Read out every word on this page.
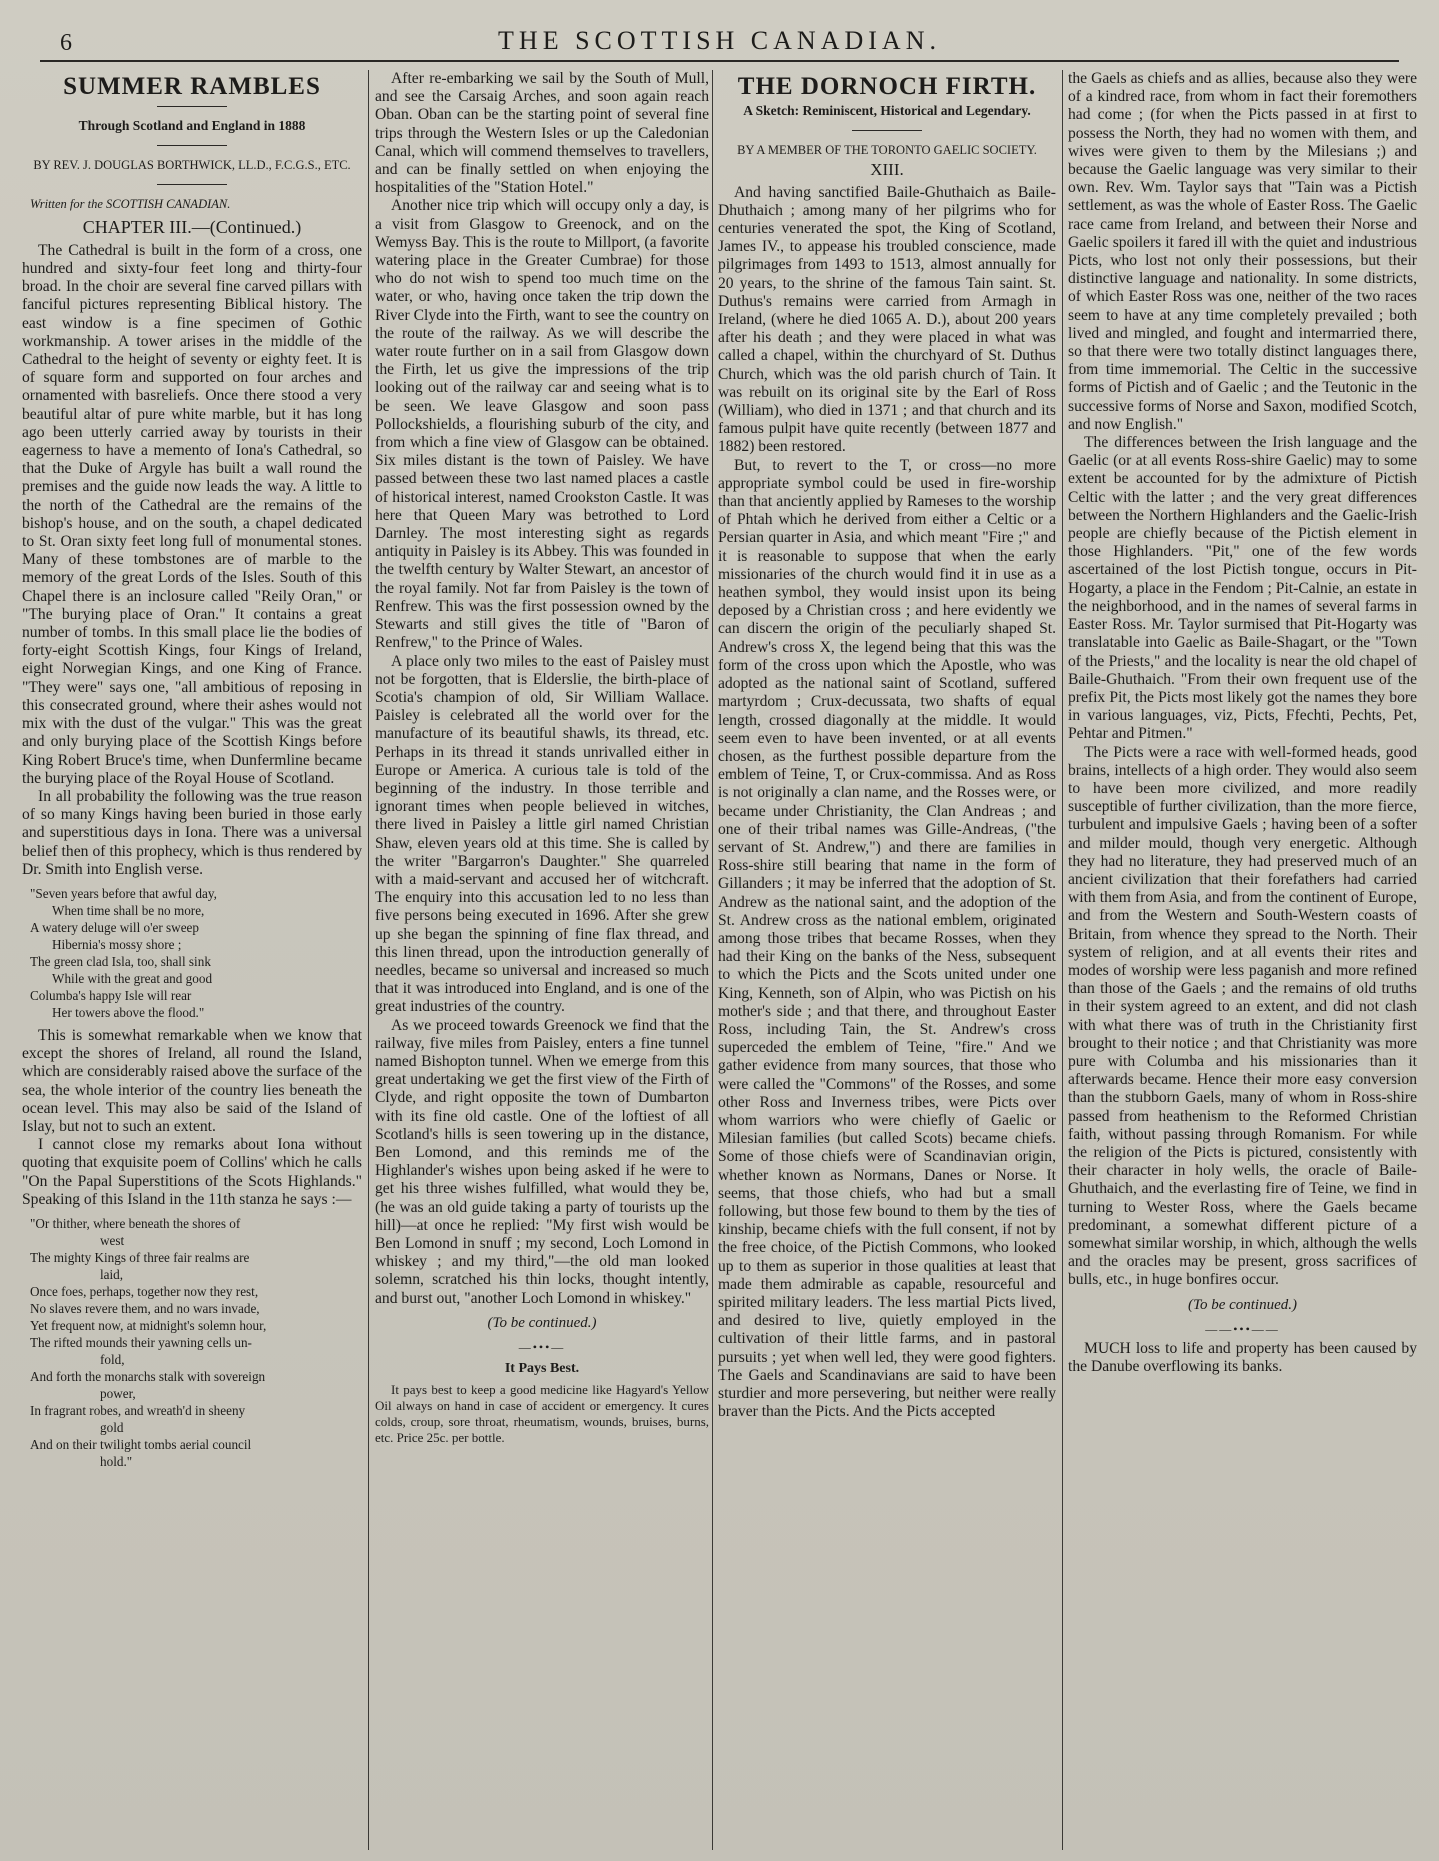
6	THE SCOTTISH CANADIAN.
SUMMER RAMBLES
Through Scotland and England in 1888
BY REV. J. DOUGLAS BORTHWICK, LL.D., F.C.G.S., ETC.
Written for the SCOTTISH CANADIAN.
CHAPTER III.—(Continued.)

The Cathedral is built in the form of a cross, one hundred and sixty-four feet long and thirty-four broad. In the choir are several fine carved pillars with fanciful pictures representing Biblical history. The east window is a fine specimen of Gothic workmanship. A tower arises in the middle of the Cathedral to the height of seventy or eighty feet. It is of square form and supported on four arches and ornamented with basreliefs. Once there stood a very beautiful altar of pure white marble, but it has long ago been utterly carried away by tourists in their eagerness to have a memento of Iona's Cathedral, so that the Duke of Argyle has built a wall round the premises and the guide now leads the way. A little to the north of the Cathedral are the remains of the bishop's house, and on the south, a chapel dedicated to St. Oran sixty feet long full of monumental stones. Many of these tombstones are of marble to the memory of the great Lords of the Isles. South of this Chapel there is an inclosure called "Reily Oran," or "The burying place of Oran." It contains a great number of tombs. In this small place lie the bodies of forty-eight Scottish Kings, four Kings of Ireland, eight Norwegian Kings, and one King of France. "They were" says one, "all ambitious of reposing in this consecrated ground, where their ashes would not mix with the dust of the vulgar." This was the great and only burying place of the Scottish Kings before King Robert Bruce's time, when Dunfermline became the burying place of the Royal House of Scotland.

In all probability the following was the true reason of so many Kings having been buried in those early and superstitious days in Iona. There was a universal belief then of this prophecy, which is thus rendered by Dr. Smith into English verse.

"Seven years before that awful day,
When time shall be no more,
A watery deluge will o'er sweep
Hibernia's mossy shore ;
The green clad Isla, too, shall sink
While with the great and good
Columba's happy Isle will rear
Her towers above the flood."

This is somewhat remarkable when we know that except the shores of Ireland, all round the Island, which are considerably raised above the surface of the sea, the whole interior of the country lies beneath the ocean level. This may also be said of the Island of Islay, but not to such an extent.

I cannot close my remarks about Iona without quoting that exquisite poem of Collins' which he calls "On the Papal Superstitions of the Scots Highlands." Speaking of this Island in the 11th stanza he says :—

"Or thither, where beneath the shores of
west
The mighty Kings of three fair realms are
laid,
Once foes, perhaps, together now they rest,
No slaves revere them, and no wars invade,
Yet frequent now, at midnight's solemn hour,
The rifted mounds their yawning cells un-
fold,
And forth the monarchs stalk with sovereign
power,
In fragrant robes, and wreath'd in sheeny
gold
And on their twilight tombs aerial council
hold."

After re-embarking we sail by the South of Mull, and see the Carsaig Arches, and soon again reach Oban. Oban can be the starting point of several fine trips through the Western Isles or up the Caledonian Canal, which will commend themselves to travellers, and can be finally settled on when enjoying the hospitalities of the "Station Hotel."

Another nice trip which will occupy only a day, is a visit from Glasgow to Greenock, and on the Wemyss Bay. This is the route to Millport, (a favorite watering place in the Greater Cumbrae) for those who do not wish to spend too much time on the water, or who, having once taken the trip down the River Clyde into the Firth, want to see the country on the route of the railway. As we will describe the water route further on in a sail from Glasgow down the Firth, let us give the impressions of the trip looking out of the railway car and seeing what is to be seen. We leave Glasgow and soon pass Pollockshields, a flourishing suburb of the city, and from which a fine view of Glasgow can be obtained. Six miles distant is the town of Paisley. We have passed between these two last named places a castle of historical interest, named Crookston Castle. It was here that Queen Mary was betrothed to Lord Darnley. The most interesting sight as regards antiquity in Paisley is its Abbey. This was founded in the twelfth century by Walter Stewart, an ancestor of the royal family. Not far from Paisley is the town of Renfrew. This was the first possession owned by the Stewarts and still gives the title of "Baron of Renfrew," to the Prince of Wales.

A place only two miles to the east of Paisley must not be forgotten, that is Elderslie, the birth-place of Scotia's champion of old, Sir William Wallace. Paisley is celebrated all the world over for the manufacture of its beautiful shawls, its thread, etc. Perhaps in its thread it stands unrivalled either in Europe or America. A curious tale is told of the beginning of the industry. In those terrible and ignorant times when people believed in witches, there lived in Paisley a little girl named Christian Shaw, eleven years old at this time. She is called by the writer "Bargarron's Daughter." She quarreled with a maid-servant and accused her of witchcraft. The enquiry into this accusation led to no less than five persons being executed in 1696. After she grew up she began the spinning of fine flax thread, and this linen thread, upon the introduction generally of needles, became so universal and increased so much that it was introduced into England, and is one of the great industries of the country.

As we proceed towards Greenock we find that the railway, five miles from Paisley, enters a fine tunnel named Bishopton tunnel. When we emerge from this great undertaking we get the first view of the Firth of Clyde, and right opposite the town of Dumbarton with its fine old castle. One of the loftiest of all Scotland's hills is seen towering up in the distance, Ben Lomond, and this reminds me of the Highlander's wishes upon being asked if he were to get his three wishes fulfilled, what would they be, (he was an old guide taking a party of tourists up the hill)—at once he replied: "My first wish would be Ben Lomond in snuff ; my second, Loch Lomond in whiskey ; and my third,"—the old man looked solemn, scratched his thin locks, thought intently, and burst out, "another Loch Lomond in whiskey."

(To be continued.)
—•••—
It Pays Best.

It pays best to keep a good medicine like Hagyard's Yellow Oil always on hand in case of accident or emergency. It cures colds, croup, sore throat, rheumatism, wounds, bruises, burns, etc. Price 25c. per bottle.

THE DORNOCH FIRTH.
A Sketch: Reminiscent, Historical and Legendary.
BY A MEMBER OF THE TORONTO GAELIC SOCIETY.
XIII.

And having sanctified Baile-Ghuthaich as Baile-Dhuthaich ; among many of her pilgrims who for centuries venerated the spot, the King of Scotland, James IV., to appease his troubled conscience, made pilgrimages from 1493 to 1513, almost annually for 20 years, to the shrine of the famous Tain saint. St. Duthus's remains were carried from Armagh in Ireland, (where he died 1065 A. D.), about 200 years after his death ; and they were placed in what was called a chapel, within the churchyard of St. Duthus Church, which was the old parish church of Tain. It was rebuilt on its original site by the Earl of Ross (William), who died in 1371 ; and that church and its famous pulpit have quite recently (between 1877 and 1882) been restored.

But, to revert to the T, or cross—no more appropriate symbol could be used in fire-worship than that anciently applied by Rameses to the worship of Phtah which he derived from either a Celtic or a Persian quarter in Asia, and which meant "Fire ;" and it is reasonable to suppose that when the early missionaries of the church would find it in use as a heathen symbol, they would insist upon its being deposed by a Christian cross ; and here evidently we can discern the origin of the peculiarly shaped St. Andrew's cross X, the legend being that this was the form of the cross upon which the Apostle, who was adopted as the national saint of Scotland, suffered martyrdom ; Crux-decussata, two shafts of equal length, crossed diagonally at the middle. It would seem even to have been invented, or at all events chosen, as the furthest possible departure from the emblem of Teine, T, or Crux-commissa. And as Ross is not originally a clan name, and the Rosses were, or became under Christianity, the Clan Andreas ; and one of their tribal names was Gille-Andreas, ("the servant of St. Andrew,") and there are families in Ross-shire still bearing that name in the form of Gillanders ; it may be inferred that the adoption of St. Andrew as the national saint, and the adoption of the St. Andrew cross as the national emblem, originated among those tribes that became Rosses, when they had their King on the banks of the Ness, subsequent to which the Picts and the Scots united under one King, Kenneth, son of Alpin, who was Pictish on his mother's side ; and that there, and throughout Easter Ross, including Tain, the St. Andrew's cross superceded the emblem of Teine, "fire." And we gather evidence from many sources, that those who were called the "Commons" of the Rosses, and some other Ross and Inverness tribes, were Picts over whom warriors who were chiefly of Gaelic or Milesian families (but called Scots) became chiefs. Some of those chiefs were of Scandinavian origin, whether known as Normans, Danes or Norse. It seems, that those chiefs, who had but a small following, but those few bound to them by the ties of kinship, became chiefs with the full consent, if not by the free choice, of the Pictish Commons, who looked up to them as superior in those qualities at least that made them admirable as capable, resourceful and spirited military leaders. The less martial Picts lived, and desired to live, quietly employed in the cultivation of their little farms, and in pastoral pursuits ; yet when well led, they were good fighters. The Gaels and Scandinavians are said to have been sturdier and more persevering, but neither were really braver than the Picts. And the Picts accepted

the Gaels as chiefs and as allies, because also they were of a kindred race, from whom in fact their foremothers had come ; (for when the Picts passed in at first to possess the North, they had no women with them, and wives were given to them by the Milesians ;) and because the Gaelic language was very similar to their own. Rev. Wm. Taylor says that "Tain was a Pictish settlement, as was the whole of Easter Ross. The Gaelic race came from Ireland, and between their Norse and Gaelic spoilers it fared ill with the quiet and industrious Picts, who lost not only their possessions, but their distinctive language and nationality. In some districts, of which Easter Ross was one, neither of the two races seem to have at any time completely prevailed ; both lived and mingled, and fought and intermarried there, so that there were two totally distinct languages there, from time immemorial. The Celtic in the successive forms of Pictish and of Gaelic ; and the Teutonic in the successive forms of Norse and Saxon, modified Scotch, and now English."

The differences between the Irish language and the Gaelic (or at all events Ross-shire Gaelic) may to some extent be accounted for by the admixture of Pictish Celtic with the latter ; and the very great differences between the Northern Highlanders and the Gaelic-Irish people are chiefly because of the Pictish element in those Highlanders. "Pit," one of the few words ascertained of the lost Pictish tongue, occurs in Pit-Hogarty, a place in the Fendom ; Pit-Calnie, an estate in the neighborhood, and in the names of several farms in Easter Ross. Mr. Taylor surmised that Pit-Hogarty was translatable into Gaelic as Baile-Shagart, or the "Town of the Priests," and the locality is near the old chapel of Baile-Ghuthaich. "From their own frequent use of the prefix Pit, the Picts most likely got the names they bore in various languages, viz, Picts, Ffechti, Pechts, Pet, Pehtar and Pitmen."

The Picts were a race with well-formed heads, good brains, intellects of a high order. They would also seem to have been more civilized, and more readily susceptible of further civilization, than the more fierce, turbulent and impulsive Gaels ; having been of a softer and milder mould, though very energetic. Although they had no literature, they had preserved much of an ancient civilization that their forefathers had carried with them from Asia, and from the continent of Europe, and from the Western and South-Western coasts of Britain, from whence they spread to the North. Their system of religion, and at all events their rites and modes of worship were less paganish and more refined than those of the Gaels ; and the remains of old truths in their system agreed to an extent, and did not clash with what there was of truth in the Christianity first brought to their notice ; and that Christianity was more pure with Columba and his missionaries than it afterwards became. Hence their more easy conversion than the stubborn Gaels, many of whom in Ross-shire passed from heathenism to the Reformed Christian faith, without passing through Romanism. For while the religion of the Picts is pictured, consistently with their character in holy wells, the oracle of Baile-Ghuthaich, and the everlasting fire of Teine, we find in turning to Wester Ross, where the Gaels became predominant, a somewhat different picture of a somewhat similar worship, in which, although the wells and the oracles may be present, gross sacrifices of bulls, etc., in huge bonfires occur.

(To be continued.)
——•••——

MUCH loss to life and property has been caused by the Danube overflowing its banks.
